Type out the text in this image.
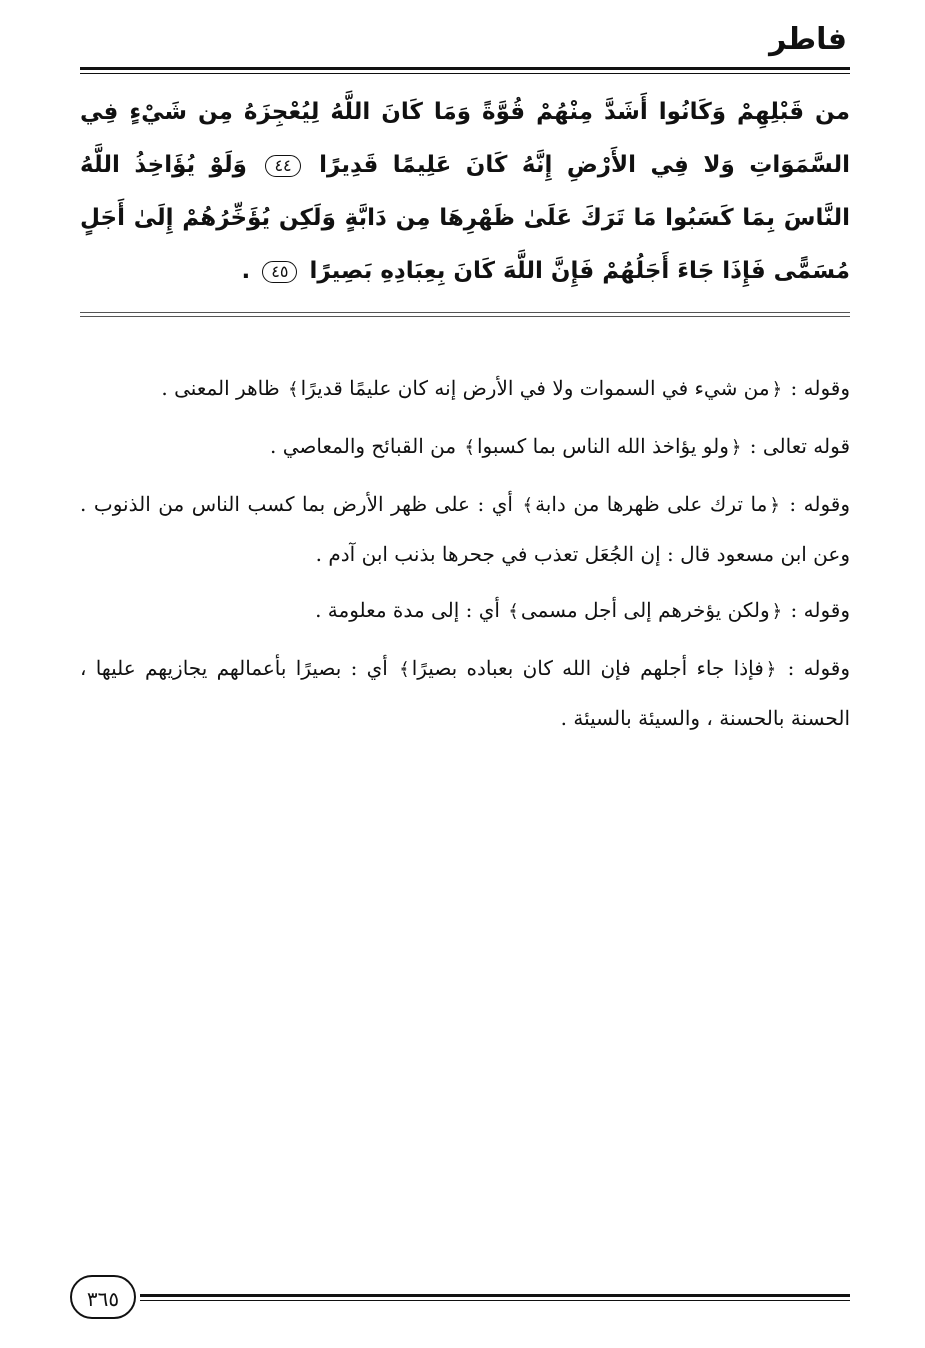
فاطر
من قَبْلِهِمْ وَكَانُوا أَشَدَّ مِنْهُمْ قُوَّةً وَمَا كَانَ اللَّهُ لِيُعْجِزَهُ مِن شَيْءٍ فِي السَّمَوَاتِ وَلا فِي الأَرْضِ إِنَّهُ كَانَ عَلِيمًا قَدِيرًا ٤٤ وَلَوْ يُؤَاخِذُ اللَّهُ النَّاسَ بِمَا كَسَبُوا مَا تَرَكَ عَلَىٰ ظَهْرِهَا مِن دَابَّةٍ وَلَكِن يُؤَخِّرُهُمْ إِلَىٰ أَجَلٍ مُسَمًّى فَإِذَا جَاءَ أَجَلُهُمْ فَإِنَّ اللَّهَ كَانَ بِعِبَادِهِ بَصِيرًا ٤٥ .

وقوله : ﴿من شيء في السموات ولا في الأرض إنه كان عليمًا قديرًا﴾ ظاهر المعنى .

قوله تعالى : ﴿ولو يؤاخذ الله الناس بما كسبوا﴾ من القبائح والمعاصي .

وقوله : ﴿ما ترك على ظهرها من دابة﴾ أي : على ظهر الأرض بما كسب الناس من الذنوب . وعن ابن مسعود قال : إن الجُعَل تعذب في جحرها بذنب ابن آدم .

وقوله : ﴿ولكن يؤخرهم إلى أجل مسمى﴾ أي : إلى مدة معلومة .

وقوله : ﴿فإذا جاء أجلهم فإن الله كان بعباده بصيرًا﴾ أي : بصيرًا بأعمالهم يجازيهم عليها ، الحسنة بالحسنة ، والسيئة بالسيئة .

٣٦٥
